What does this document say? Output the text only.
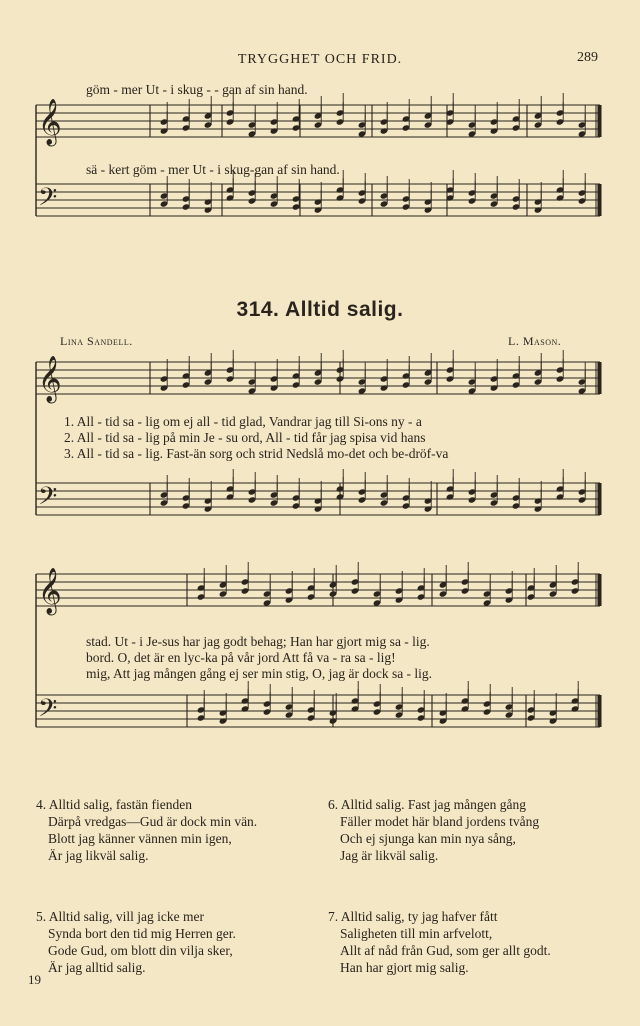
TRYGGHET OCH FRID.	289
𝄞
𝄢
𝄞
𝄢
𝄞
𝄢
göm - mer Ut - i skug - - gan af sin hand.
sä - kert göm - mer Ut - i skug-gan af sin hand.
314. Alltid salig.
Lina Sandell.	L. Mason.
1. All - tid sa - lig om ej all - tid glad, Vandrar jag till Si-ons ny - a
2. All - tid sa - lig på min Je - su ord, All - tid får jag spisa vid hans
3. All - tid sa - lig. Fast-än sorg och strid Nedslå mo-det och be-dröf-va
stad. Ut - i Je-sus har jag godt behag; Han har gjort mig sa - lig.
bord. O, det är en lyc-ka på vår jord Att få va - ra sa - lig!
mig, Att jag mången gång ej ser min stig, O, jag är dock sa - lig.
4. Alltid salig, fastän fienden
Därpå vredgas—Gud är dock min vän.
Blott jag känner vännen min igen,
Är jag likväl salig.
6. Alltid salig. Fast jag mången gång
Fäller modet här bland jordens tvång
Och ej sjunga kan min nya sång,
Jag är likväl salig.
5. Alltid salig, vill jag icke mer
Synda bort den tid mig Herren ger.
Gode Gud, om blott din vilja sker,
Är jag alltid salig.
7. Alltid salig, ty jag hafver fått
Saligheten till min arfvelott,
Allt af nåd från Gud, som ger allt godt.
Han har gjort mig salig.
19
